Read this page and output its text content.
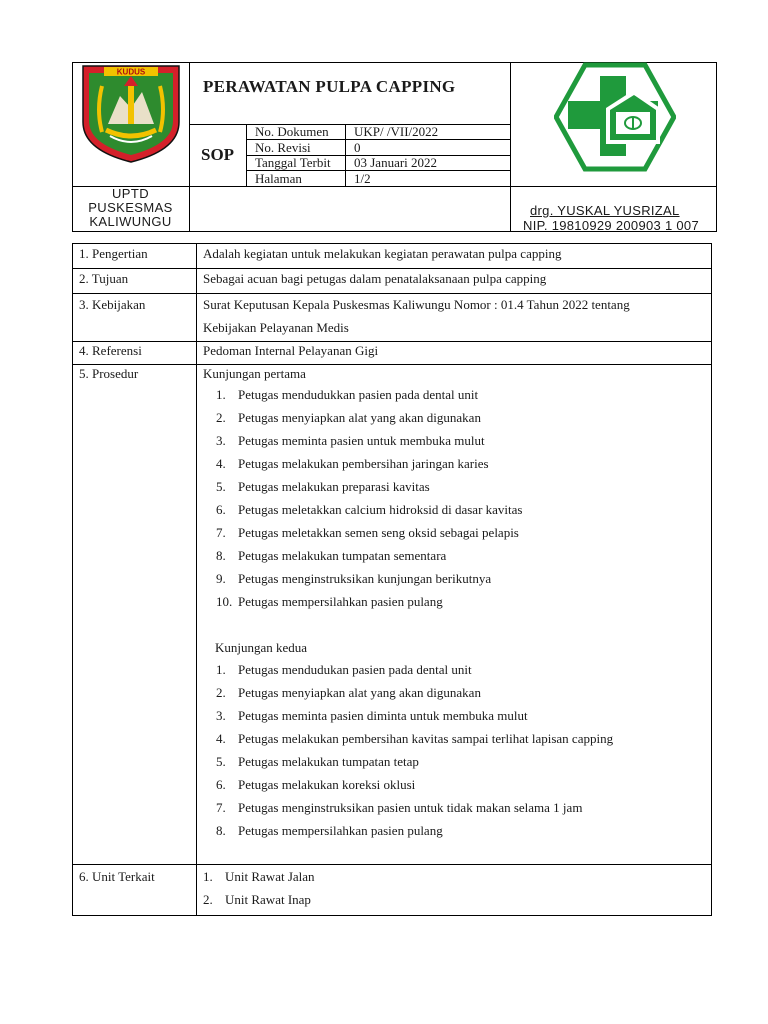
KUDUS
PERAWATAN PULPA CAPPING
SOP
No. Dokumen	UKP/ /VII/2022
No. Revisi	0
Tanggal Terbit	03 Januari 2022
Halaman	1/2
UPTD
PUSKESMAS
KALIWUNGU
drg. YUSKAL YUSRIZAL
NIP. 19810929 200903 1 007
1. Pengertian	Adalah kegiatan untuk melakukan kegiatan perawatan pulpa capping
2. Tujuan	Sebagai acuan bagi petugas dalam penatalaksanaan pulpa capping
3. Kebijakan	Surat Keputusan Kepala Puskesmas Kaliwungu Nomor : 01.4 Tahun 2022 tentang
Kebijakan Pelayanan Medis
4. Referensi	Pedoman Internal Pelayanan Gigi
5. Prosedur	Kunjungan pertama
1. Petugas mendudukkan pasien pada dental unit
2. Petugas menyiapkan alat yang akan digunakan
3. Petugas meminta pasien untuk membuka mulut
4. Petugas melakukan pembersihan jaringan karies
5. Petugas melakukan preparasi kavitas
6. Petugas meletakkan calcium hidroksid di dasar kavitas
7. Petugas meletakkan semen seng oksid sebagai pelapis
8. Petugas melakukan tumpatan sementara
9. Petugas menginstruksikan kunjungan berikutnya
10. Petugas mempersilahkan pasien pulang
Kunjungan kedua
1. Petugas mendudukan pasien pada dental unit
2. Petugas menyiapkan alat yang akan digunakan
3. Petugas meminta pasien diminta untuk membuka mulut
4. Petugas melakukan pembersihan kavitas sampai terlihat lapisan capping
5. Petugas melakukan tumpatan tetap
6. Petugas melakukan koreksi oklusi
7. Petugas menginstruksikan pasien untuk tidak makan selama 1 jam
8. Petugas mempersilahkan pasien pulang
6. Unit Terkait	1. Unit Rawat Jalan
2. Unit Rawat Inap
